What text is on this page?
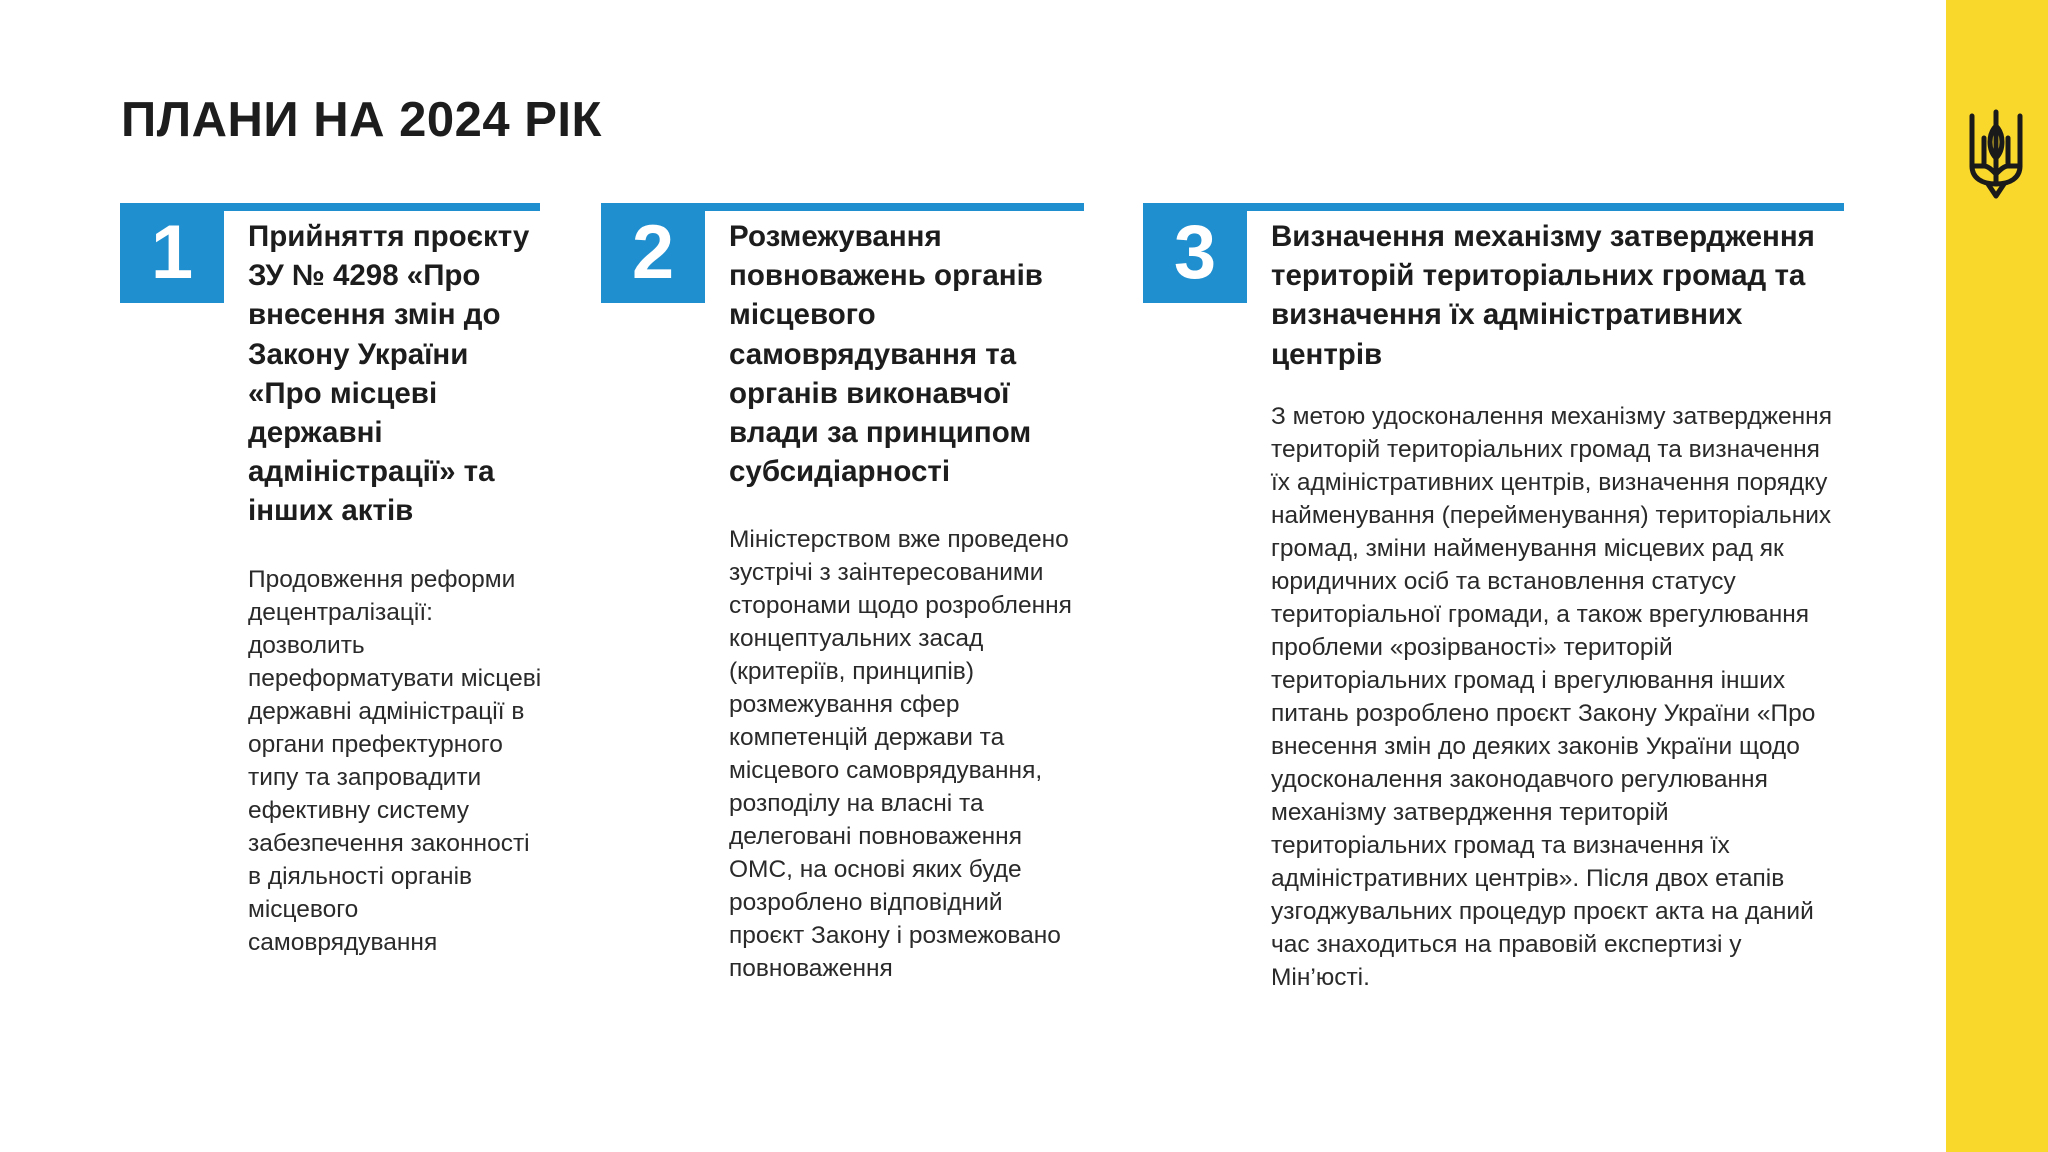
ПЛАНИ НА 2024 РІК
1	Прийняття проєкту ЗУ № 4298 «Про внесення змін до Закону України «Про місцеві державні адміністрації» та інших актів

Продовження реформи децентралізації: дозволить переформатувати місцеві державні адміністрації в органи префектурного типу та запровадити ефективну систему забезпечення законності в діяльності органів місцевого самоврядування

2	Розмежування повноважень органів місцевого самоврядування та органів виконавчої влади за принципом субсидіарності

Міністерством вже проведено зустрічі з заінтересованими сторонами щодо розроблення концептуальних засад (критеріїв, принципів) розмежування сфер компетенцій держави та місцевого самоврядування, розподілу на власні та делеговані повноваження ОМС, на основі яких буде розроблено відповідний проєкт Закону і розмежовано повноваження

3	Визначення механізму затвердження територій територіальних громад та визначення їх адміністративних центрів

З метою удосконалення механізму затвердження територій територіальних громад та визначення їх адміністративних центрів, визначення порядку найменування (перейменування) територіальних громад, зміни найменування місцевих рад як юридичних осіб та встановлення статусу територіальної громади, а також врегулювання проблеми «розірваності» територій територіальних громад і врегулювання інших питань розроблено проєкт Закону України «Про внесення змін до деяких законів України щодо удосконалення законодавчого регулювання механізму затвердження територій територіальних громад та визначення їх адміністративних центрів». Після двох етапів узгоджувальних процедур проєкт акта на даний час знаходиться на правовій експертизі у Мін’юсті.
